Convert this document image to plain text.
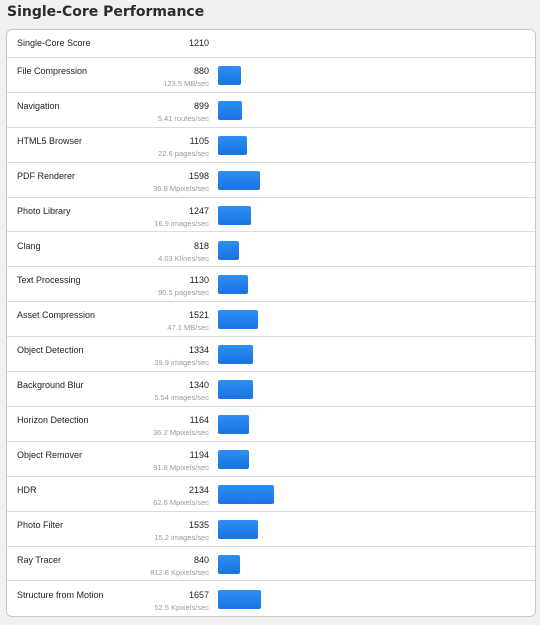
Single-Core Performance
Single-Core Score	1210
File Compression	880
123.5 MB/sec
Navigation	899
5.41 routes/sec
HTML5 Browser	1105
22.6 pages/sec
PDF Renderer	1598
36.8 Mpixels/sec
Photo Library	1247
16.9 images/sec
Clang	818
4.03 Klines/sec
Text Processing	1130
90.5 pages/sec
Asset Compression	1521
47.1 MB/sec
Object Detection	1334
39.9 images/sec
Background Blur	1340
5.54 images/sec
Horizon Detection	1164
36.2 Mpixels/sec
Object Remover	1194
91.8 Mpixels/sec
HDR	2134
62.6 Mpixels/sec
Photo Filter	1535
15.2 images/sec
Ray Tracer	840
812.8 Kpixels/sec
Structure from Motion	1657
52.5 Kpixels/sec
